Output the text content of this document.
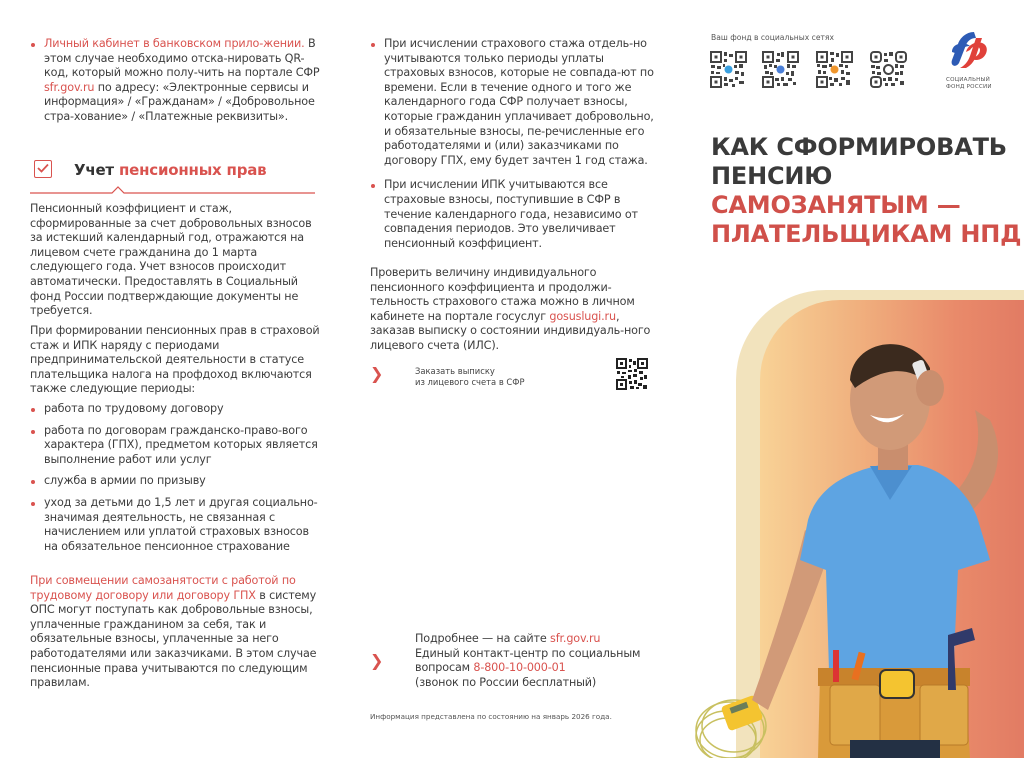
Личный кабинет в банковском прило-жении. В этом случае необходимо отска-нировать QR-код, который можно полу-чить на портале СФР sfr.gov.ru по адресу: «Электронные сервисы и информация» / «Гражданам» / «Добровольное стра-хование» / «Платежные реквизиты».
Учет пенсионных прав

Пенсионный коэффициент и стаж, сформированные за счет добровольных взносов за истекший календарный год, отражаются на лицевом счете гражданина до 1 марта следующего года. Учет взносов происходит автоматически. Предоставлять в Социальный фонд России подтверждающие документы не требуется.

При формировании пенсионных прав в страховой стаж и ИПК наряду с периодами предпринимательской деятельности в статусе плательщика налога на профдоход включаются также следующие периоды:

работа по трудовому договору
работа по договорам гражданско-право-вого характера (ГПХ), предметом которых является выполнение работ или услуг
служба в армии по призыву
уход за детьми до 1,5 лет и другая социально-значимая деятельность, не связанная с начислением или уплатой страховых взносов на обязательное пенсионное страхование

При совмещении самозанятости с работой по трудовому договору или договору ГПХ в систему ОПС могут поступать как добровольные взносы, уплаченные гражданином за себя, так и обязательные взносы, уплаченные за него работодателями или заказчиками. В этом случае пенсионные права учитываются по следующим правилам.

При исчислении страхового стажа отдель-но учитываются только периоды уплаты страховых взносов, которые не совпада-ют по времени. Если в течение одного и того же календарного года СФР получает взносы, которые гражданин уплачивает добровольно, и обязательные взносы, пе-речисленные его работодателями и (или) заказчиками по договору ГПХ, ему будет зачтен 1 год стажа.
При исчислении ИПК учитываются все страховые взносы, поступившие в СФР в течение календарного года, независимо от совпадения периодов. Это увеличивает пенсионный коэффициент.

Проверить величину индивидуального пенсионного коэффициента и продолжи-тельность страхового стажа можно в личном кабинете на портале госуслуг gosuslugi.ru, заказав выписку о состоянии индивидуаль-ного лицевого счета (ИЛС).

❯	Заказать выписку
из лицевого счета в СФР
❯
Подробнее — на сайте sfr.gov.ru
Единый контакт-центр по социальным
вопросам 8-800-10-000-01
(звонок по России бесплатный)
Информация представлена по состоянию на январь 2026 года.
Ваш фонд в социальных сетях
СОЦИАЛЬНЫЙ
ФОНД РОССИИ
КАК СФОРМИРОВАТЬ
ПЕНСИЮ
САМОЗАНЯТЫМ —
ПЛАТЕЛЬЩИКАМ НПД
